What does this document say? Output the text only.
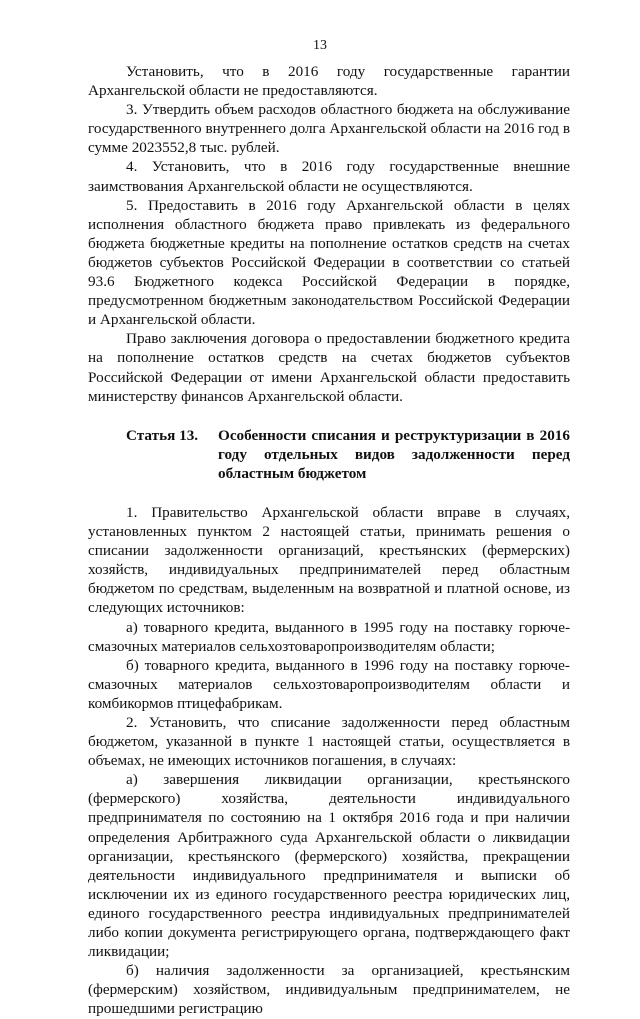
13

Установить, что в 2016 году государственные гарантии Архангельской области не предоставляются.

3. Утвердить объем расходов областного бюджета на обслуживание государственного внутреннего долга Архангельской области на 2016 год в сумме 2023552,8 тыс. рублей.

4. Установить, что в 2016 году государственные внешние заимствования Архангельской области не осуществляются.

5. Предоставить в 2016 году Архангельской области в целях исполнения областного бюджета право привлекать из федерального бюджета бюджетные кредиты на пополнение остатков средств на счетах бюджетов субъектов Российской Федерации в соответствии со статьей 93.6 Бюджетного кодекса Российской Федерации в порядке, предусмотренном бюджетным законодательством Российской Федерации и Архангельской области.

Право заключения договора о предоставлении бюджетного кредита на пополнение остатков средств на счетах бюджетов субъектов Российской Федерации от имени Архангельской области предоставить министерству финансов Архангельской области.

Статья 13.	Особенности списания и реструктуризации в 2016 году отдельных видов задолженности перед областным бюджетом

1. Правительство Архангельской области вправе в случаях, установленных пунктом 2 настоящей статьи, принимать решения о списании задолженности организаций, крестьянских (фермерских) хозяйств, индивидуальных предпринимателей перед областным бюджетом по средствам, выделенным на возвратной и платной основе, из следующих источников:

а) товарного кредита, выданного в 1995 году на поставку горюче-смазочных материалов сельхозтоваропроизводителям области;

б) товарного кредита, выданного в 1996 году на поставку горюче-смазочных материалов сельхозтоваропроизводителям области и комбикормов птицефабрикам.

2. Установить, что списание задолженности перед областным бюджетом, указанной в пункте 1 настоящей статьи, осуществляется в объемах, не имеющих источников погашения, в случаях:

а) завершения ликвидации организации, крестьянского (фермерского) хозяйства, деятельности индивидуального предпринимателя по состоянию на 1 октября 2016 года и при наличии определения Арбитражного суда Архангельской области о ликвидации организации, крестьянского (фермерского) хозяйства, прекращении деятельности индивидуального предпринимателя и выписки об исключении их из единого государственного реестра юридических лиц, единого государственного реестра индивидуальных предпринимателей либо копии документа регистрирующего органа, подтверждающего факт ликвидации;

б) наличия задолженности за организацией, крестьянским (фермерским) хозяйством, индивидуальным предпринимателем, не прошедшими регистрацию
